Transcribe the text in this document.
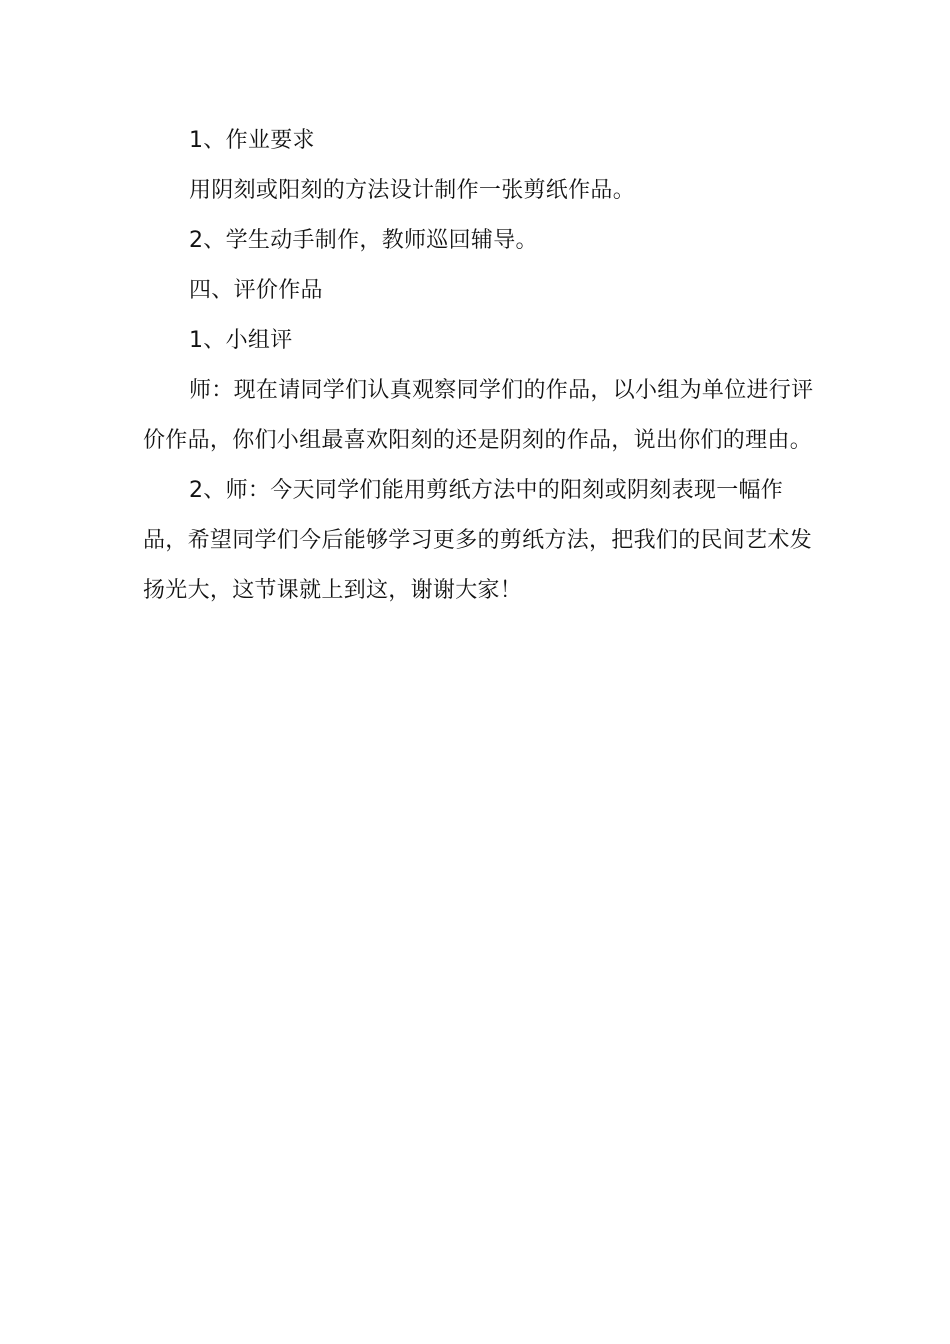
1、作业要求

用阴刻或阳刻的方法设计制作一张剪纸作品。

2、学生动手制作，教师巡回辅导。

四、评价作品

1、小组评

师：现在请同学们认真观察同学们的作品，以小组为单位进行评价作品，你们小组最喜欢阳刻的还是阴刻的作品，说出你们的理由。

2、师：今天同学们能用剪纸方法中的阳刻或阴刻表现一幅作品，希望同学们今后能够学习更多的剪纸方法，把我们的民间艺术发扬光大，这节课就上到这，谢谢大家！
